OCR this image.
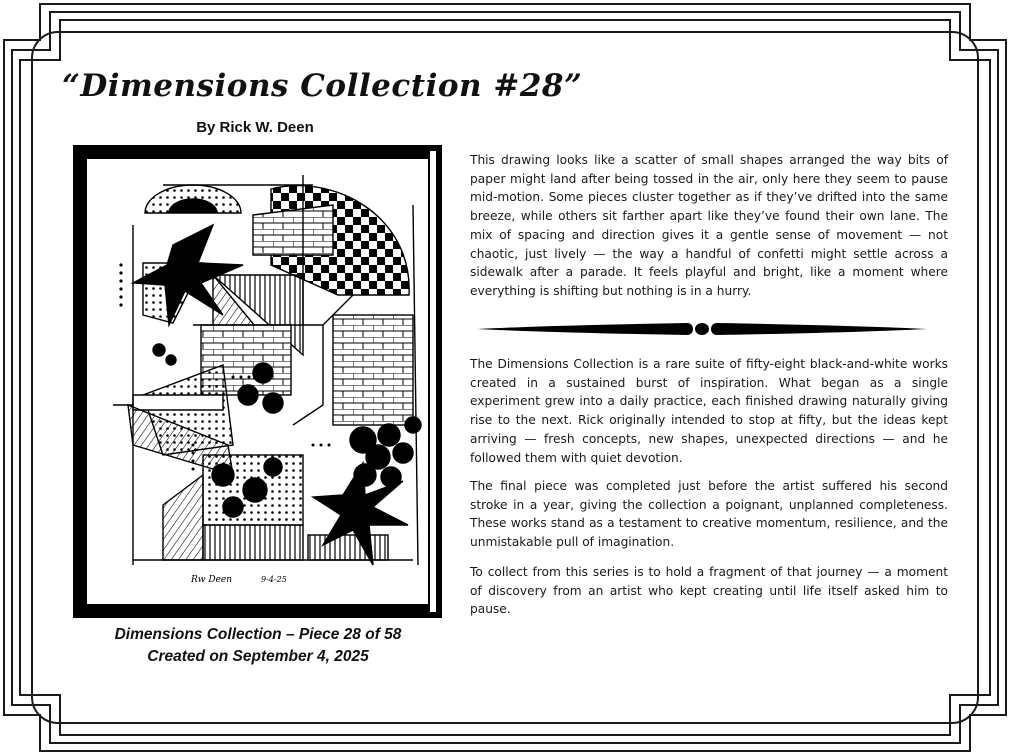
“Dimensions Collection #28”
By Rick W. Deen
Rw Deen	9-4-25
Dimensions Collection – Piece 28 of 58
Created on September 4, 2025
This drawing looks like a scatter of small shapes arranged the way bits of paper might land after being tossed in the air, only here they seem to pause mid-motion. Some pieces cluster together as if they’ve drifted into the same breeze, while others sit farther apart like they’ve found their own lane. The mix of spacing and direction gives it a gentle sense of movement — not chaotic, just lively — the way a handful of confetti might settle across a sidewalk after a parade. It feels playful and bright, like a moment where everything is shifting but nothing is in a hurry.
The Dimensions Collection is a rare suite of fifty-eight black-and-white works created in a sustained burst of inspiration. What began as a single experiment grew into a daily practice, each finished drawing naturally giving rise to the next. Rick originally intended to stop at fifty, but the ideas kept arriving — fresh concepts, new shapes, unexpected directions — and he followed them with quiet devotion.
The final piece was completed just before the artist suffered his second stroke in a year, giving the collection a poignant, unplanned completeness. These works stand as a testament to creative momentum, resilience, and the unmistakable pull of imagination.
To collect from this series is to hold a fragment of that journey — a moment of discovery from an artist who kept creating until life itself asked him to pause.
